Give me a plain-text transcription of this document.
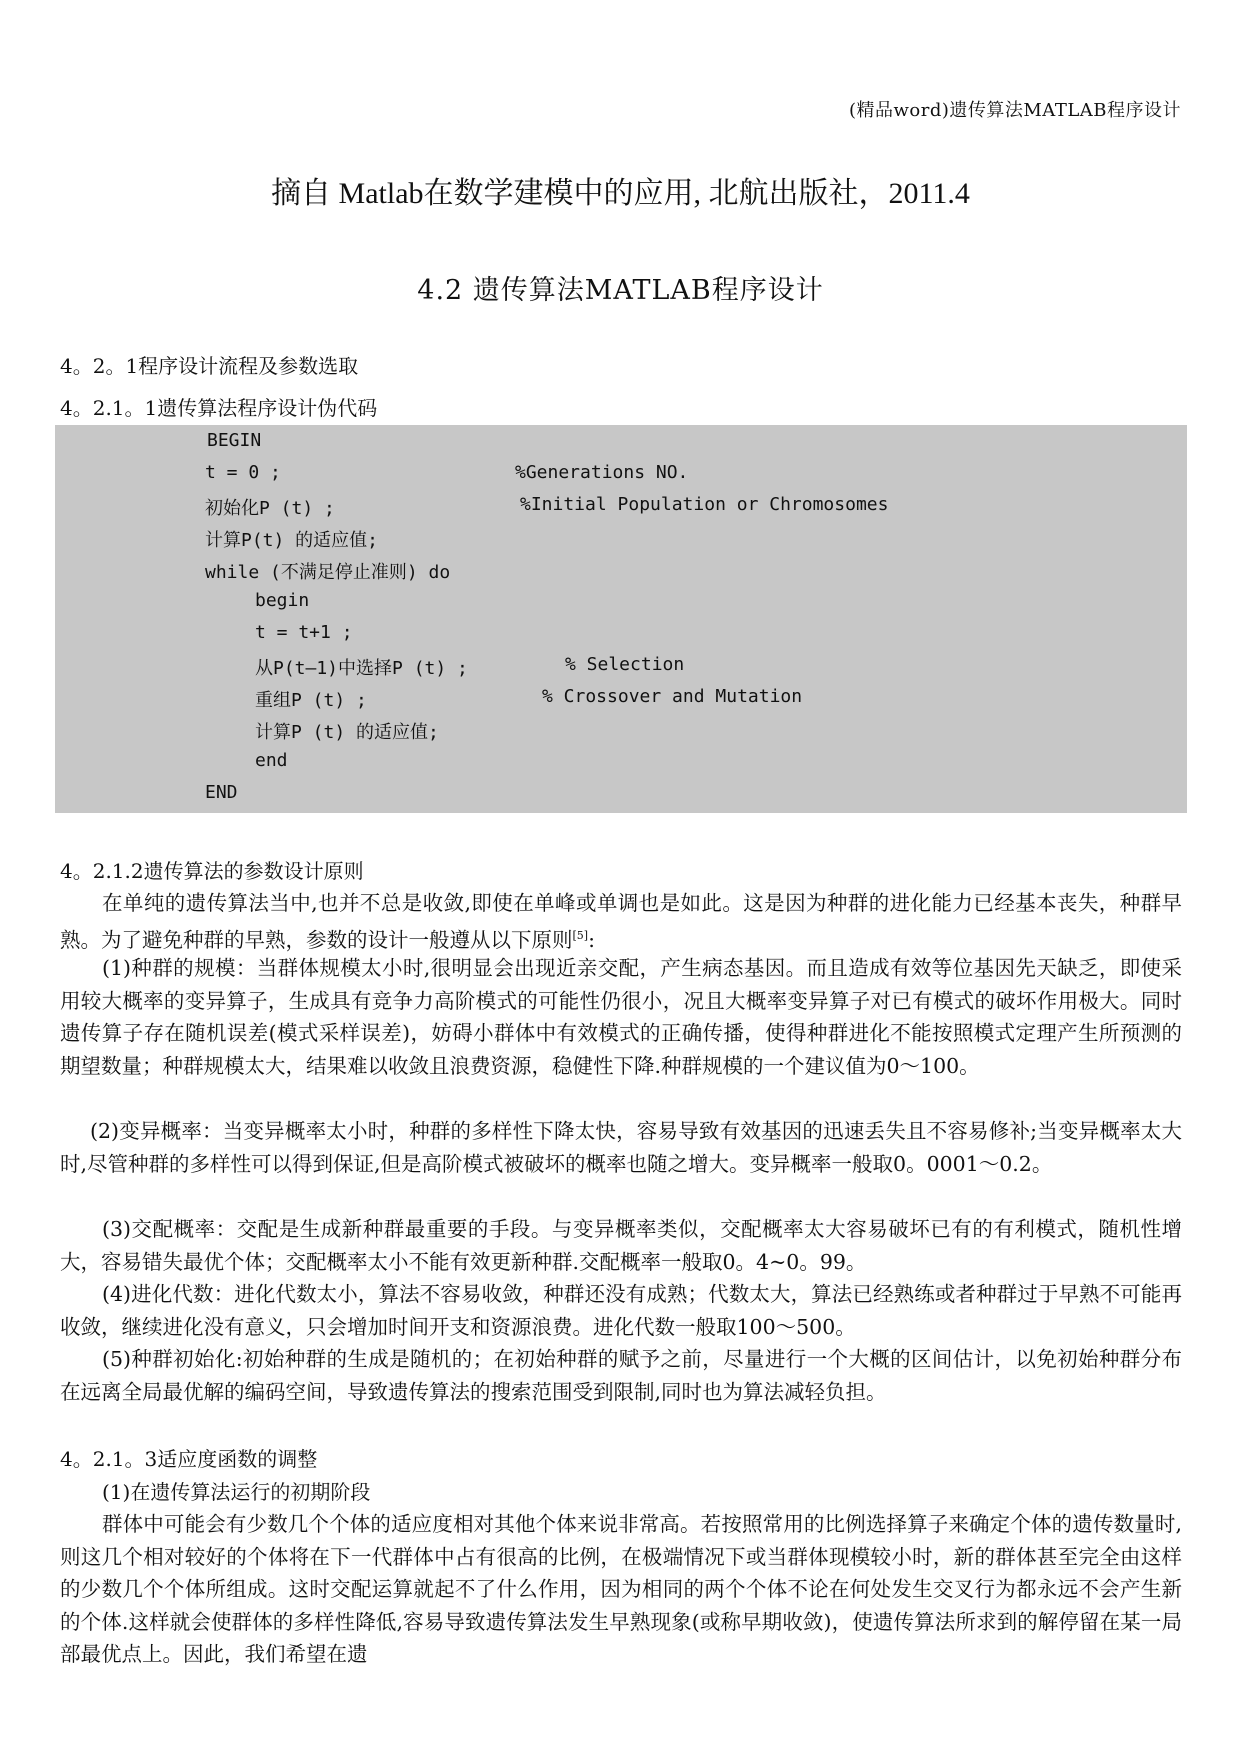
(精品word)遗传算法MATLAB程序设计
摘自 Matlab在数学建模中的应用, 北航出版社，2011.4
4.2 遗传算法MATLAB程序设计
4。2。1程序设计流程及参数选取
4。2.1。1遗传算法程序设计伪代码
BEGIN
t = 0 ;	%Generations NO.
初始化P (t) ;	%Initial Population or Chromosomes
计算P(t) 的适应值;
while (不满足停止准则) do
begin
t = t+1 ;
从P(t—1)中选择P (t) ;	% Selection
重组P (t) ;	% Crossover and Mutation
计算P (t) 的适应值;
end
END
4。2.1.2遗传算法的参数设计原则

在单纯的遗传算法当中,也并不总是收敛,即使在单峰或单调也是如此。这是因为种群的进化能力已经基本丧失，种群早熟。为了避免种群的早熟，参数的设计一般遵从以下原则[5]:

(1)种群的规模：当群体规模太小时,很明显会出现近亲交配，产生病态基因。而且造成有效等位基因先天缺乏，即使采用较大概率的变异算子，生成具有竞争力高阶模式的可能性仍很小，况且大概率变异算子对已有模式的破坏作用极大。同时遗传算子存在随机误差(模式采样误差)，妨碍小群体中有效模式的正确传播，使得种群进化不能按照模式定理产生所预测的期望数量；种群规模太大，结果难以收敛且浪费资源，稳健性下降.种群规模的一个建议值为0～100。

(2)变异概率：当变异概率太小时，种群的多样性下降太快，容易导致有效基因的迅速丢失且不容易修补;当变异概率太大时,尽管种群的多样性可以得到保证,但是高阶模式被破坏的概率也随之增大。变异概率一般取0。0001～0.2。

(3)交配概率：交配是生成新种群最重要的手段。与变异概率类似，交配概率太大容易破坏已有的有利模式，随机性增大，容易错失最优个体；交配概率太小不能有效更新种群.交配概率一般取0。4~0。99。

(4)进化代数：进化代数太小，算法不容易收敛，种群还没有成熟；代数太大，算法已经熟练或者种群过于早熟不可能再收敛，继续进化没有意义，只会增加时间开支和资源浪费。进化代数一般取100～500。

(5)种群初始化:初始种群的生成是随机的；在初始种群的赋予之前，尽量进行一个大概的区间估计，以免初始种群分布在远离全局最优解的编码空间，导致遗传算法的搜索范围受到限制,同时也为算法减轻负担。

4。2.1。3适应度函数的调整
(1)在遗传算法运行的初期阶段

群体中可能会有少数几个个体的适应度相对其他个体来说非常高。若按照常用的比例选择算子来确定个体的遗传数量时,则这几个相对较好的个体将在下一代群体中占有很高的比例，在极端情况下或当群体现模较小时，新的群体甚至完全由这样的少数几个个体所组成。这时交配运算就起不了什么作用，因为相同的两个个体不论在何处发生交叉行为都永远不会产生新的个体.这样就会使群体的多样性降低,容易导致遗传算法发生早熟现象(或称早期收敛)，使遗传算法所求到的解停留在某一局部最优点上。因此，我们希望在遗
